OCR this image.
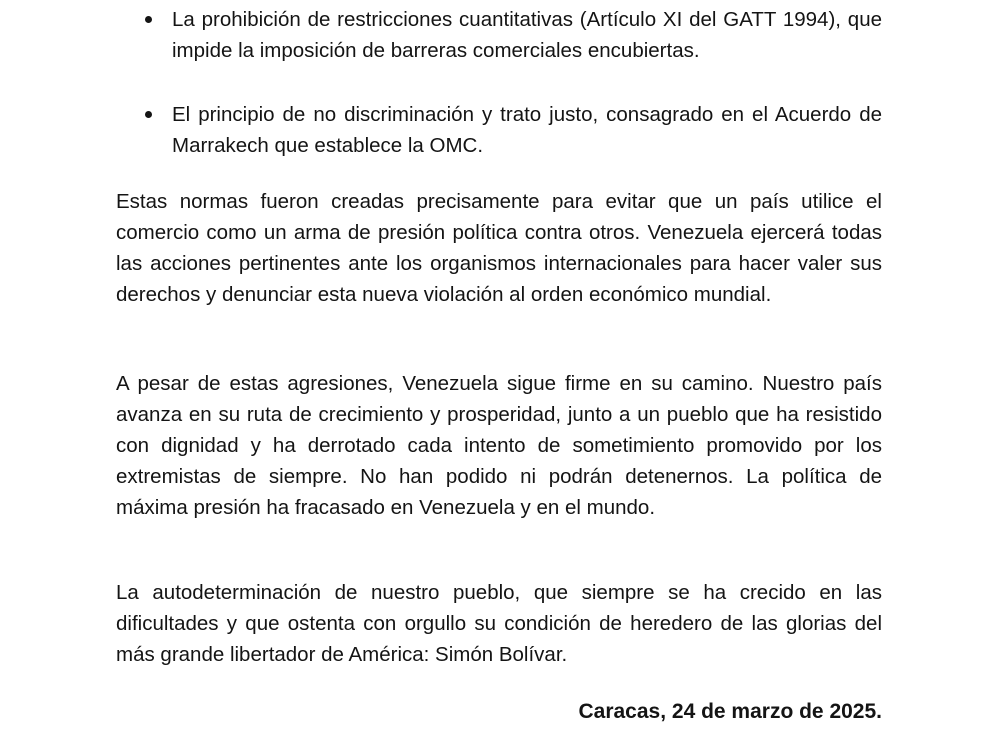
La prohibición de restricciones cuantitativas (Artículo XI del GATT 1994), que impide la imposición de barreras comerciales encubiertas.
El principio de no discriminación y trato justo, consagrado en el Acuerdo de Marrakech que establece la OMC.

Estas normas fueron creadas precisamente para evitar que un país utilice el comercio como un arma de presión política contra otros. Venezuela ejercerá todas las acciones pertinentes ante los organismos internacionales para hacer valer sus derechos y denunciar esta nueva violación al orden económico mundial.

A pesar de estas agresiones, Venezuela sigue firme en su camino. Nuestro país avanza en su ruta de crecimiento y prosperidad, junto a un pueblo que ha resistido con dignidad y ha derrotado cada intento de sometimiento promovido por los extremistas de siempre. No han podido ni podrán detenernos. La política de máxima presión ha fracasado en Venezuela y en el mundo.

La autodeterminación de nuestro pueblo, que siempre se ha crecido en las dificultades y que ostenta con orgullo su condición de heredero de las glorias del más grande libertador de América: Simón Bolívar.

Caracas, 24 de marzo de 2025.
